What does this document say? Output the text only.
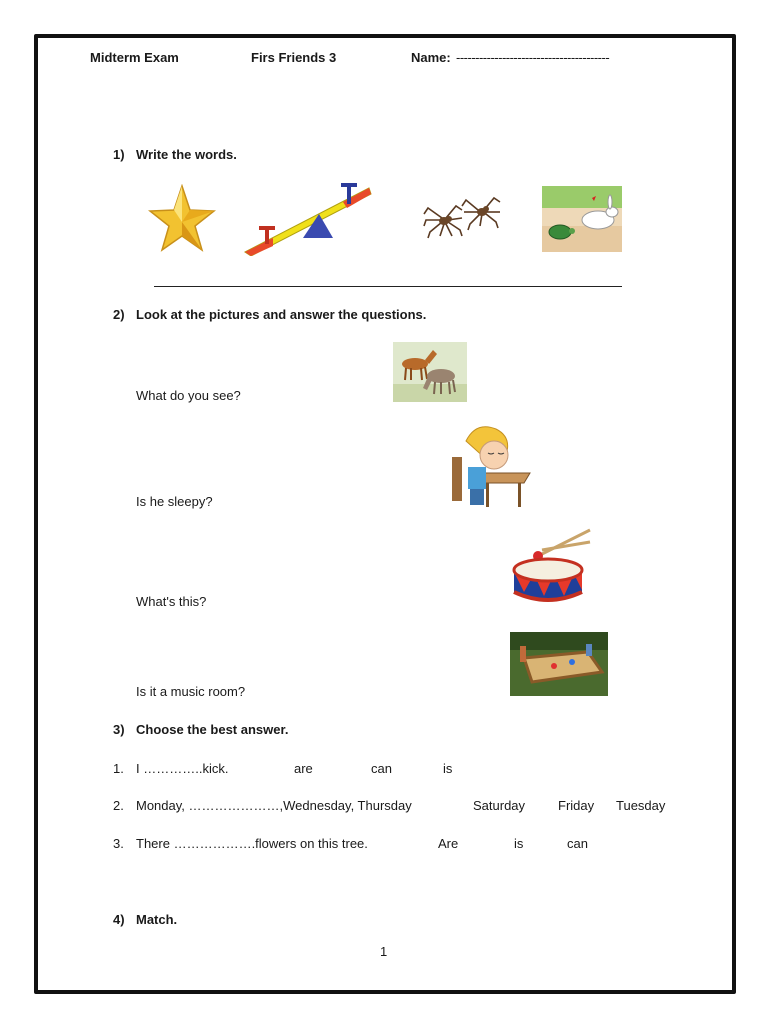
Midterm Exam	Firs Friends 3	Name: ----------------------------------------
1) Write the words.
2) Look at the pictures and answer the questions.
What do you see?
Is he sleepy?
What's this?
Is it a music room?
3) Choose the best answer.
1. I …………..kick.	are	can	is
2. Monday, …………………,Wednesday, Thursday	Saturday	Friday Tuesday
3. There ……………….flowers on this tree.	Are	is	can
4) Match.
1
